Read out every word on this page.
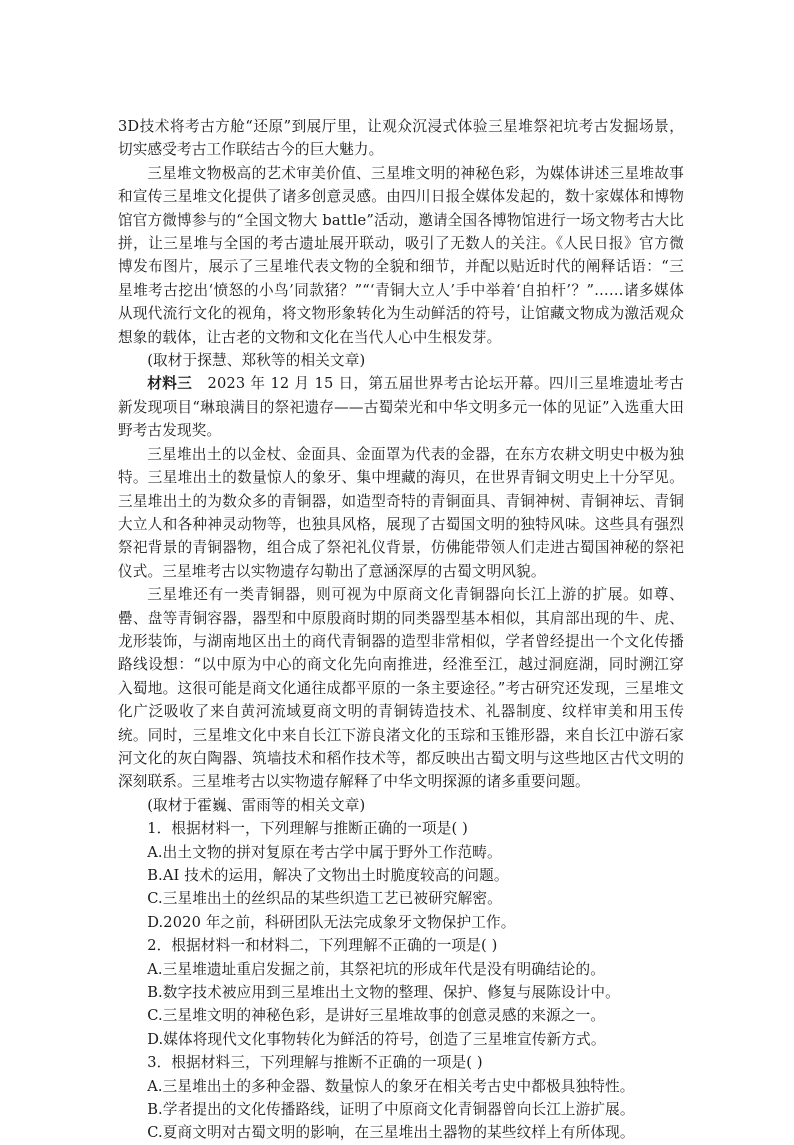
3D技术将考古方舱“还原”到展厅里，让观众沉浸式体验三星堆祭祀坑考古发掘场景，切实感受考古工作联结古今的巨大魅力。

三星堆文物极高的艺术审美价值、三星堆文明的神秘色彩，为媒体讲述三星堆故事和宣传三星堆文化提供了诸多创意灵感。由四川日报全媒体发起的，数十家媒体和博物馆官方微博参与的“全国文物大 battle”活动，邀请全国各博物馆进行一场文物考古大比拼，让三星堆与全国的考古遗址展开联动，吸引了无数人的关注。《人民日报》官方微博发布图片，展示了三星堆代表文物的全貌和细节，并配以贴近时代的阐释话语：“三星堆考古挖出‘愤怒的小鸟’同款猪？”“‘青铜大立人’手中举着‘自拍杆’？”……诸多媒体从现代流行文化的视角，将文物形象转化为生动鲜活的符号，让馆藏文物成为激活观众想象的载体，让古老的文物和文化在当代人心中生根发芽。

(取材于探慧、郑秋等的相关文章)

材料三 2023 年 12 月 15 日，第五届世界考古论坛开幕。四川三星堆遗址考古新发现项目“琳琅满目的祭祀遗存——古蜀荣光和中华文明多元一体的见证”入选重大田野考古发现奖。

三星堆出土的以金杖、金面具、金面罩为代表的金器，在东方农耕文明史中极为独特。三星堆出土的数量惊人的象牙、集中埋藏的海贝，在世界青铜文明史上十分罕见。三星堆出土的为数众多的青铜器，如造型奇特的青铜面具、青铜神树、青铜神坛、青铜大立人和各种神灵动物等，也独具风格，展现了古蜀国文明的独特风味。这些具有强烈祭祀背景的青铜器物，组合成了祭祀礼仪背景，仿佛能带领人们走进古蜀国神秘的祭祀仪式。三星堆考古以实物遗存勾勒出了意涵深厚的古蜀文明风貌。

三星堆还有一类青铜器，则可视为中原商文化青铜器向长江上游的扩展。如尊、罍、盘等青铜容器，器型和中原殷商时期的同类器型基本相似，其肩部出现的牛、虎、龙形装饰，与湖南地区出土的商代青铜器的造型非常相似，学者曾经提出一个文化传播路线设想：“以中原为中心的商文化先向南推进，经淮至江，越过洞庭湖，同时溯江穿入蜀地。这很可能是商文化通往成都平原的一条主要途径。”考古研究还发现，三星堆文化广泛吸收了来自黄河流域夏商文明的青铜铸造技术、礼器制度、纹样审美和用玉传统。同时，三星堆文化中来自长江下游良渚文化的玉琮和玉锥形器，来自长江中游石家河文化的灰白陶器、筑墙技术和稻作技术等，都反映出古蜀文明与这些地区古代文明的深刻联系。三星堆考古以实物遗存解释了中华文明探源的诸多重要问题。

(取材于霍巍、雷雨等的相关文章)

1．根据材料一，下列理解与推断正确的一项是( )

A.出土文物的拼对复原在考古学中属于野外工作范畴。

B.AI 技术的运用，解决了文物出土时脆度较高的问题。

C.三星堆出土的丝织品的某些织造工艺已被研究解密。

D.2020 年之前，科研团队无法完成象牙文物保护工作。

2．根据材料一和材料二，下列理解不正确的一项是( )

A.三星堆遗址重启发掘之前，其祭祀坑的形成年代是没有明确结论的。

B.数字技术被应用到三星堆出土文物的整理、保护、修复与展陈设计中。

C.三星堆文明的神秘色彩，是讲好三星堆故事的创意灵感的来源之一。

D.媒体将现代文化事物转化为鲜活的符号，创造了三星堆宣传新方式。

3．根据材料三，下列理解与推断不正确的一项是( )

A.三星堆出土的多种金器、数量惊人的象牙在相关考古史中都极具独特性。

B.学者提出的文化传播路线，证明了中原商文化青铜器曾向长江上游扩展。

C.夏商文明对古蜀文明的影响，在三星堆出土器物的某些纹样上有所体现。
